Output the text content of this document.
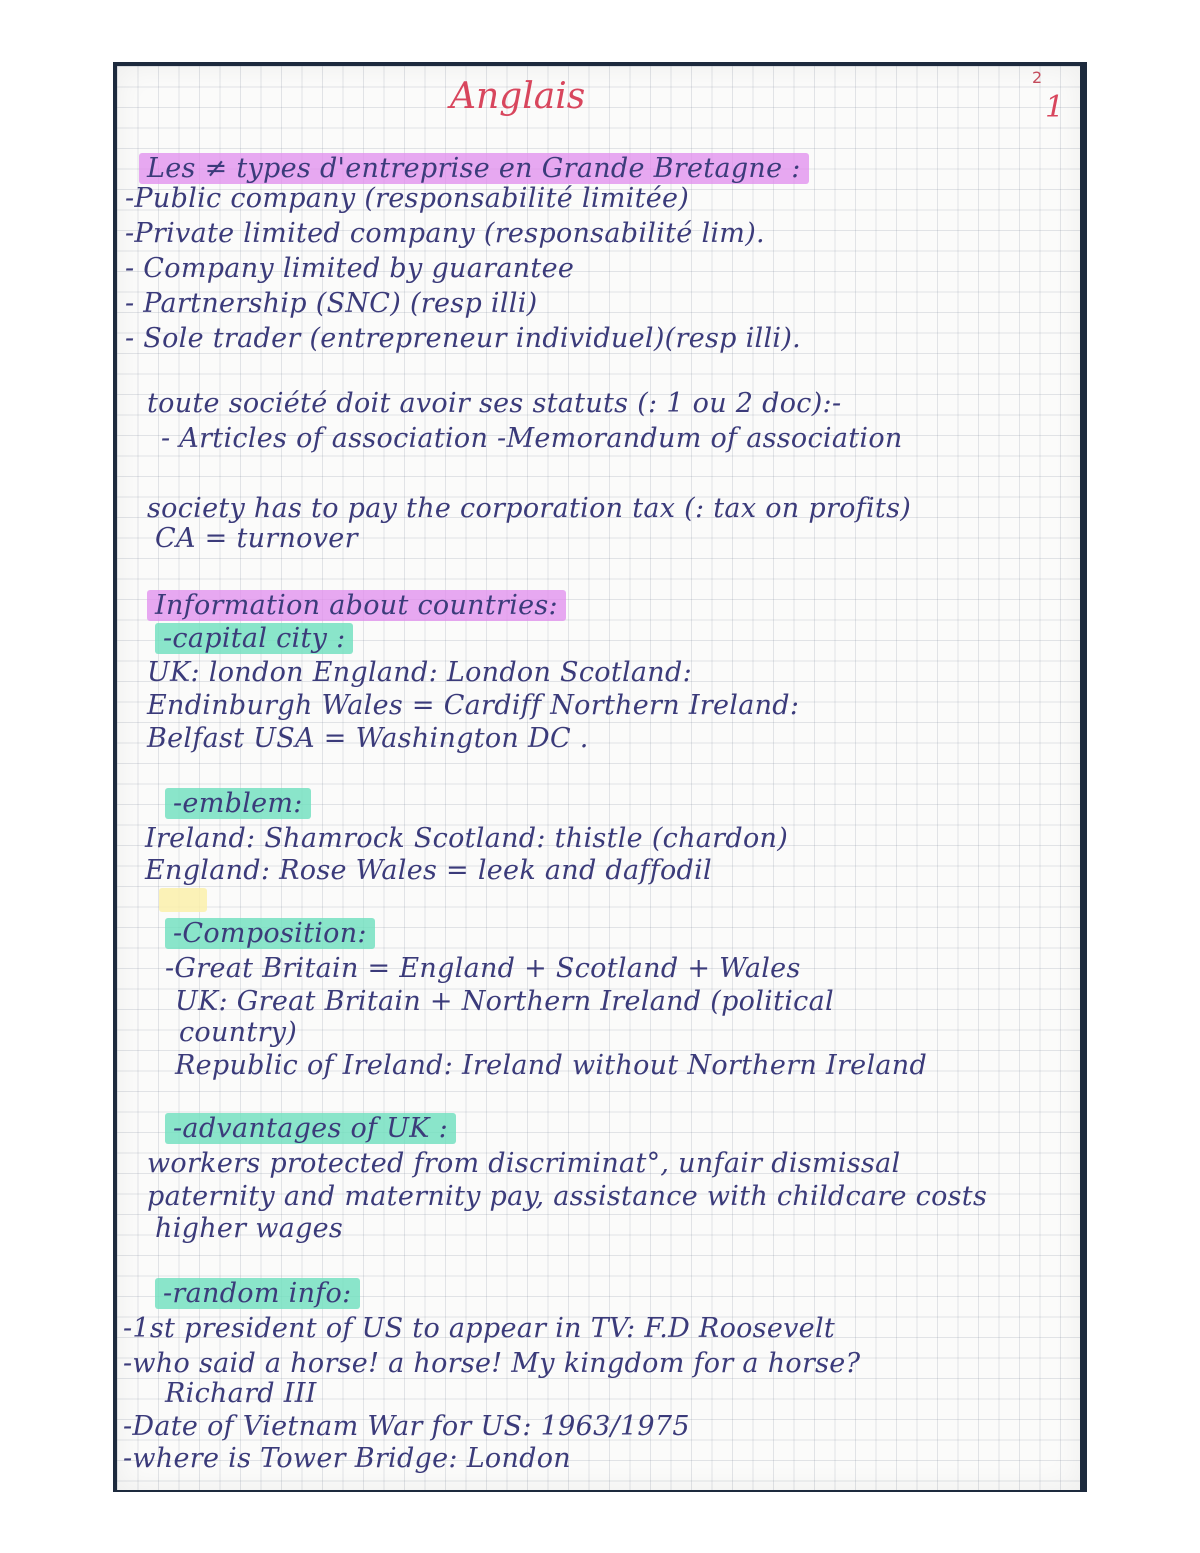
2
Anglais	1
Les ≠ types d'entreprise en Grande Bretagne :
-Public company (responsabilité limitée)
-Private limited company (responsabilité lim).
- Company limited by guarantee
- Partnership (SNC) (resp illi)
- Sole trader (entrepreneur individuel)(resp illi).
toute société doit avoir ses statuts (: 1 ou 2 doc):-
- Articles of association -Memorandum of association
society has to pay the corporation tax (: tax on profits)
CA = turnover
Information about countries:
-capital city :
UK: london England: London Scotland:
Endinburgh Wales = Cardiff Northern Ireland:
Belfast USA = Washington DC .
-emblem:
Ireland: Shamrock Scotland: thistle (chardon)
England: Rose Wales = leek and daffodil
-Composition:
-Great Britain = England + Scotland + Wales
UK: Great Britain + Northern Ireland (political
country)
Republic of Ireland: Ireland without Northern Ireland
-advantages of UK :
workers protected from discriminat°, unfair dismissal
paternity and maternity pay, assistance with childcare costs
higher wages
-random info:
-1st president of US to appear in TV: F.D Roosevelt
-who said a horse! a horse! My kingdom for a horse?
Richard III
-Date of Vietnam War for US: 1963/1975
-where is Tower Bridge: London
